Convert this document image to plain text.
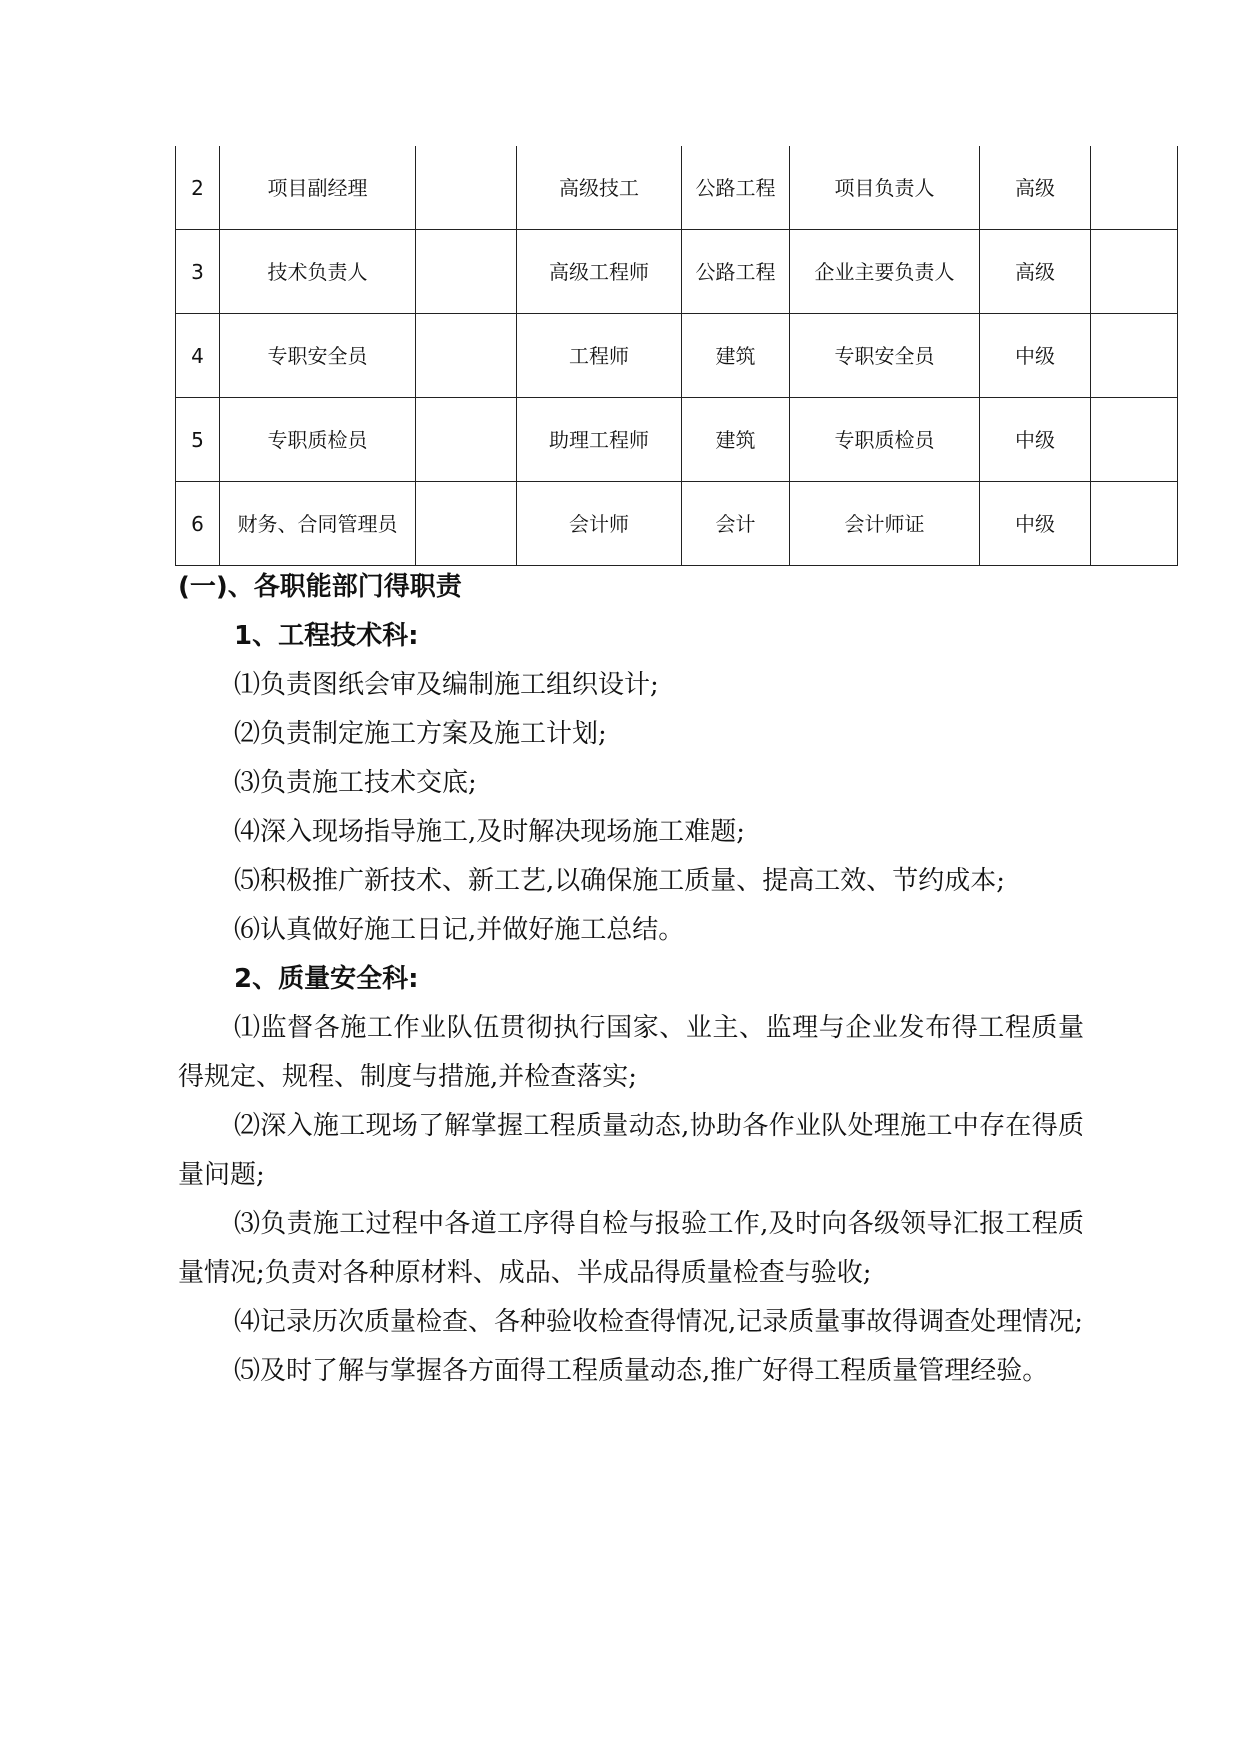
2	项目副经理		高级技工	公路工程	项目负责人	高级	
3	技术负责人		高级工程师	公路工程	企业主要负责人	高级	
4	专职安全员		工程师	建筑	专职安全员	中级	
5	专职质检员		助理工程师	建筑	专职质检员	中级	
6	财务、合同管理员		会计师	会计	会计师证	中级	

(一)、各职能部门得职责

1、工程技术科:

⑴负责图纸会审及编制施工组织设计;

⑵负责制定施工方案及施工计划;

⑶负责施工技术交底;

⑷深入现场指导施工,及时解决现场施工难题;

⑸积极推广新技术、新工艺,以确保施工质量、提高工效、节约成本;

⑹认真做好施工日记,并做好施工总结。

2、质量安全科:

⑴监督各施工作业队伍贯彻执行国家、业主、监理与企业发布得工程质量得规定、规程、制度与措施,并检查落实;

⑵深入施工现场了解掌握工程质量动态,协助各作业队处理施工中存在得质量问题;

⑶负责施工过程中各道工序得自检与报验工作,及时向各级领导汇报工程质量情况;负责对各种原材料、成品、半成品得质量检查与验收;

⑷记录历次质量检查、各种验收检查得情况,记录质量事故得调查处理情况;

⑸及时了解与掌握各方面得工程质量动态,推广好得工程质量管理经验。
